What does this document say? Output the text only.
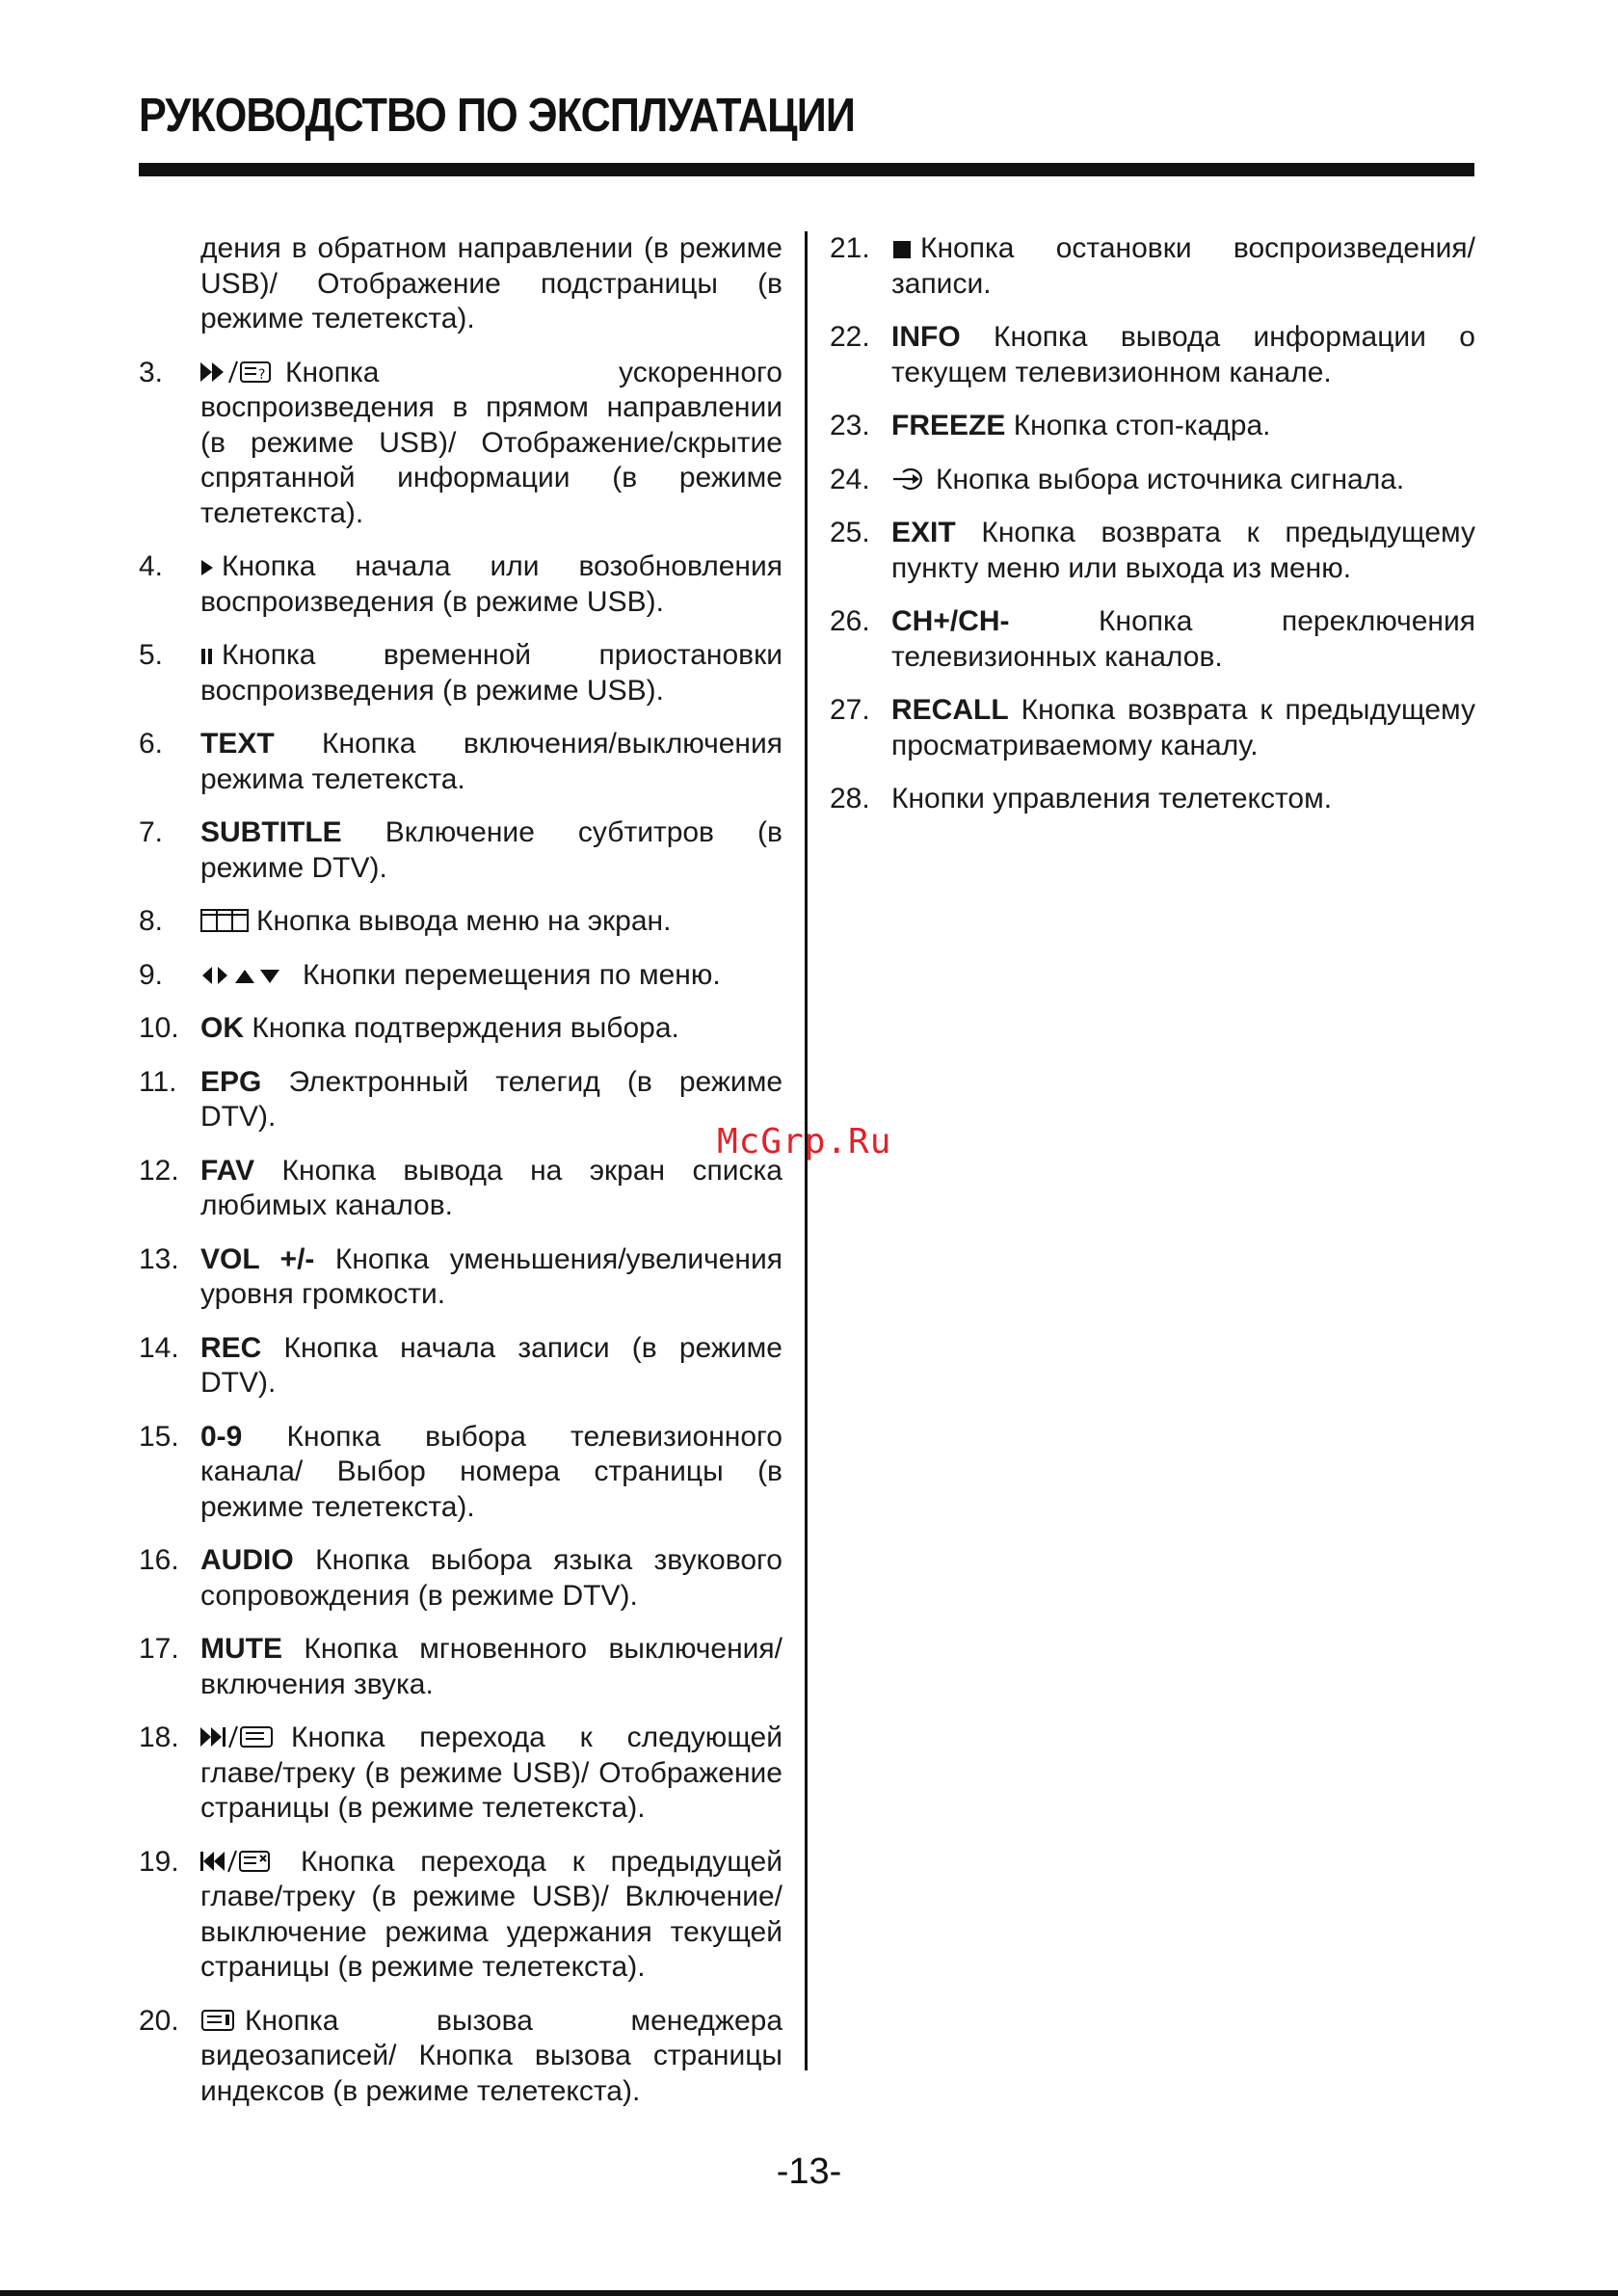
РУКОВОДСТВО ПО ЭКСПЛУАТАЦИИ
дения в обратном направлении (в режиме USB)/ Отображение подстраницы (в режиме телетекста).
3.	? Кнопка ускоренного воспроизведения в прямом направлении (в режиме USB)/ Отображение/скрытие спрятанной информации (в режиме телетекста).
4.	Кнопка начала или возобновления воспроизведения (в режиме USB).
5.	Кнопка временной приостановки воспроизведения (в режиме USB).
6.	TEXT Кнопка включения/выключения режима телетекста.
7.	SUBTITLE Включение субтитров (в режиме DTV).
8.	Кнопка вывода меню на экран.
9.	Кнопки перемещения по меню.
10. OK Кнопка подтверждения выбора.
11. EPG Электронный телегид (в режиме DTV).
12. FAV Кнопка вывода на экран списка любимых каналов.
13. VOL +/- Кнопка уменьшения/увеличения уровня громкости.
14. REC Кнопка начала записи (в режиме DTV).
15. 0-9 Кнопка выбора телевизионного канала/ Выбор номера страницы (в режиме телетекста).
16. AUDIO Кнопка выбора языка звукового сопровождения (в режиме DTV).
17. MUTE Кнопка мгновенного выключения/ включения звука.
18.	Кнопка перехода к следующей главе/треку (в режиме USB)/ Отображение страницы (в режиме телетекста).
19.	Кнопка перехода к предыдущей главе/треку (в режиме USB)/ Включение/ выключение режима удержания текущей страницы (в режиме телетекста).
20.	Кнопка вызова менеджера видеозаписей/ Кнопка вызова страницы индексов (в режиме телетекста).
21.	Кнопка остановки воспроизведения/ записи.
22. INFO Кнопка вывода информации о текущем телевизионном канале.
23. FREEZE Кнопка стоп-кадра.
24.	Кнопка выбора источника сигнала.
25. EXIT Кнопка возврата к предыдущему пункту меню или выхода из меню.
26. CH+/CH-	Кнопка переключения телевизионных каналов.
27. RECALL Кнопка возврата к предыдущему просматриваемому каналу.
28. Кнопки управления телетекстом.
McGrp.Ru
-13-
